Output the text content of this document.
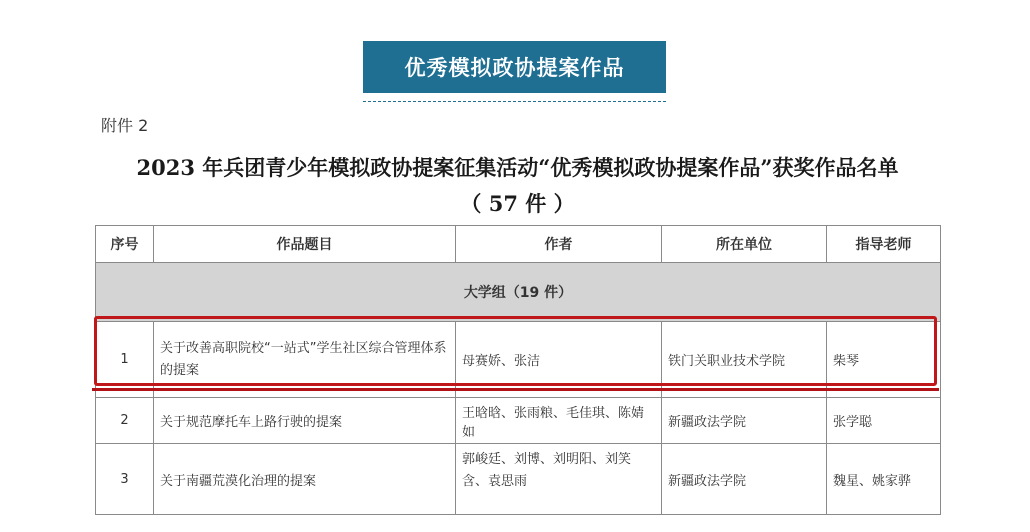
优秀模拟政协提案作品
附件 2
2023 年兵团青少年模拟政协提案征集活动“优秀模拟政协提案作品”获奖作品名单
（ 57 件 ）
序号	作品题目	作者	所在单位	指导老师
大学组（19 件）				
1	关于改善高职院校“一站式”学生社区综合管理体系的提案	母赛娇、张洁	铁门关职业技术学院	柴琴
2	关于规范摩托车上路行驶的提案	王晗晗、张雨粮、毛佳琪、陈婧如	新疆政法学院	张学聪
3	关于南疆荒漠化治理的提案	郭峻廷、刘博、刘明阳、刘笑含、袁思雨	新疆政法学院	魏星、姚家骅
